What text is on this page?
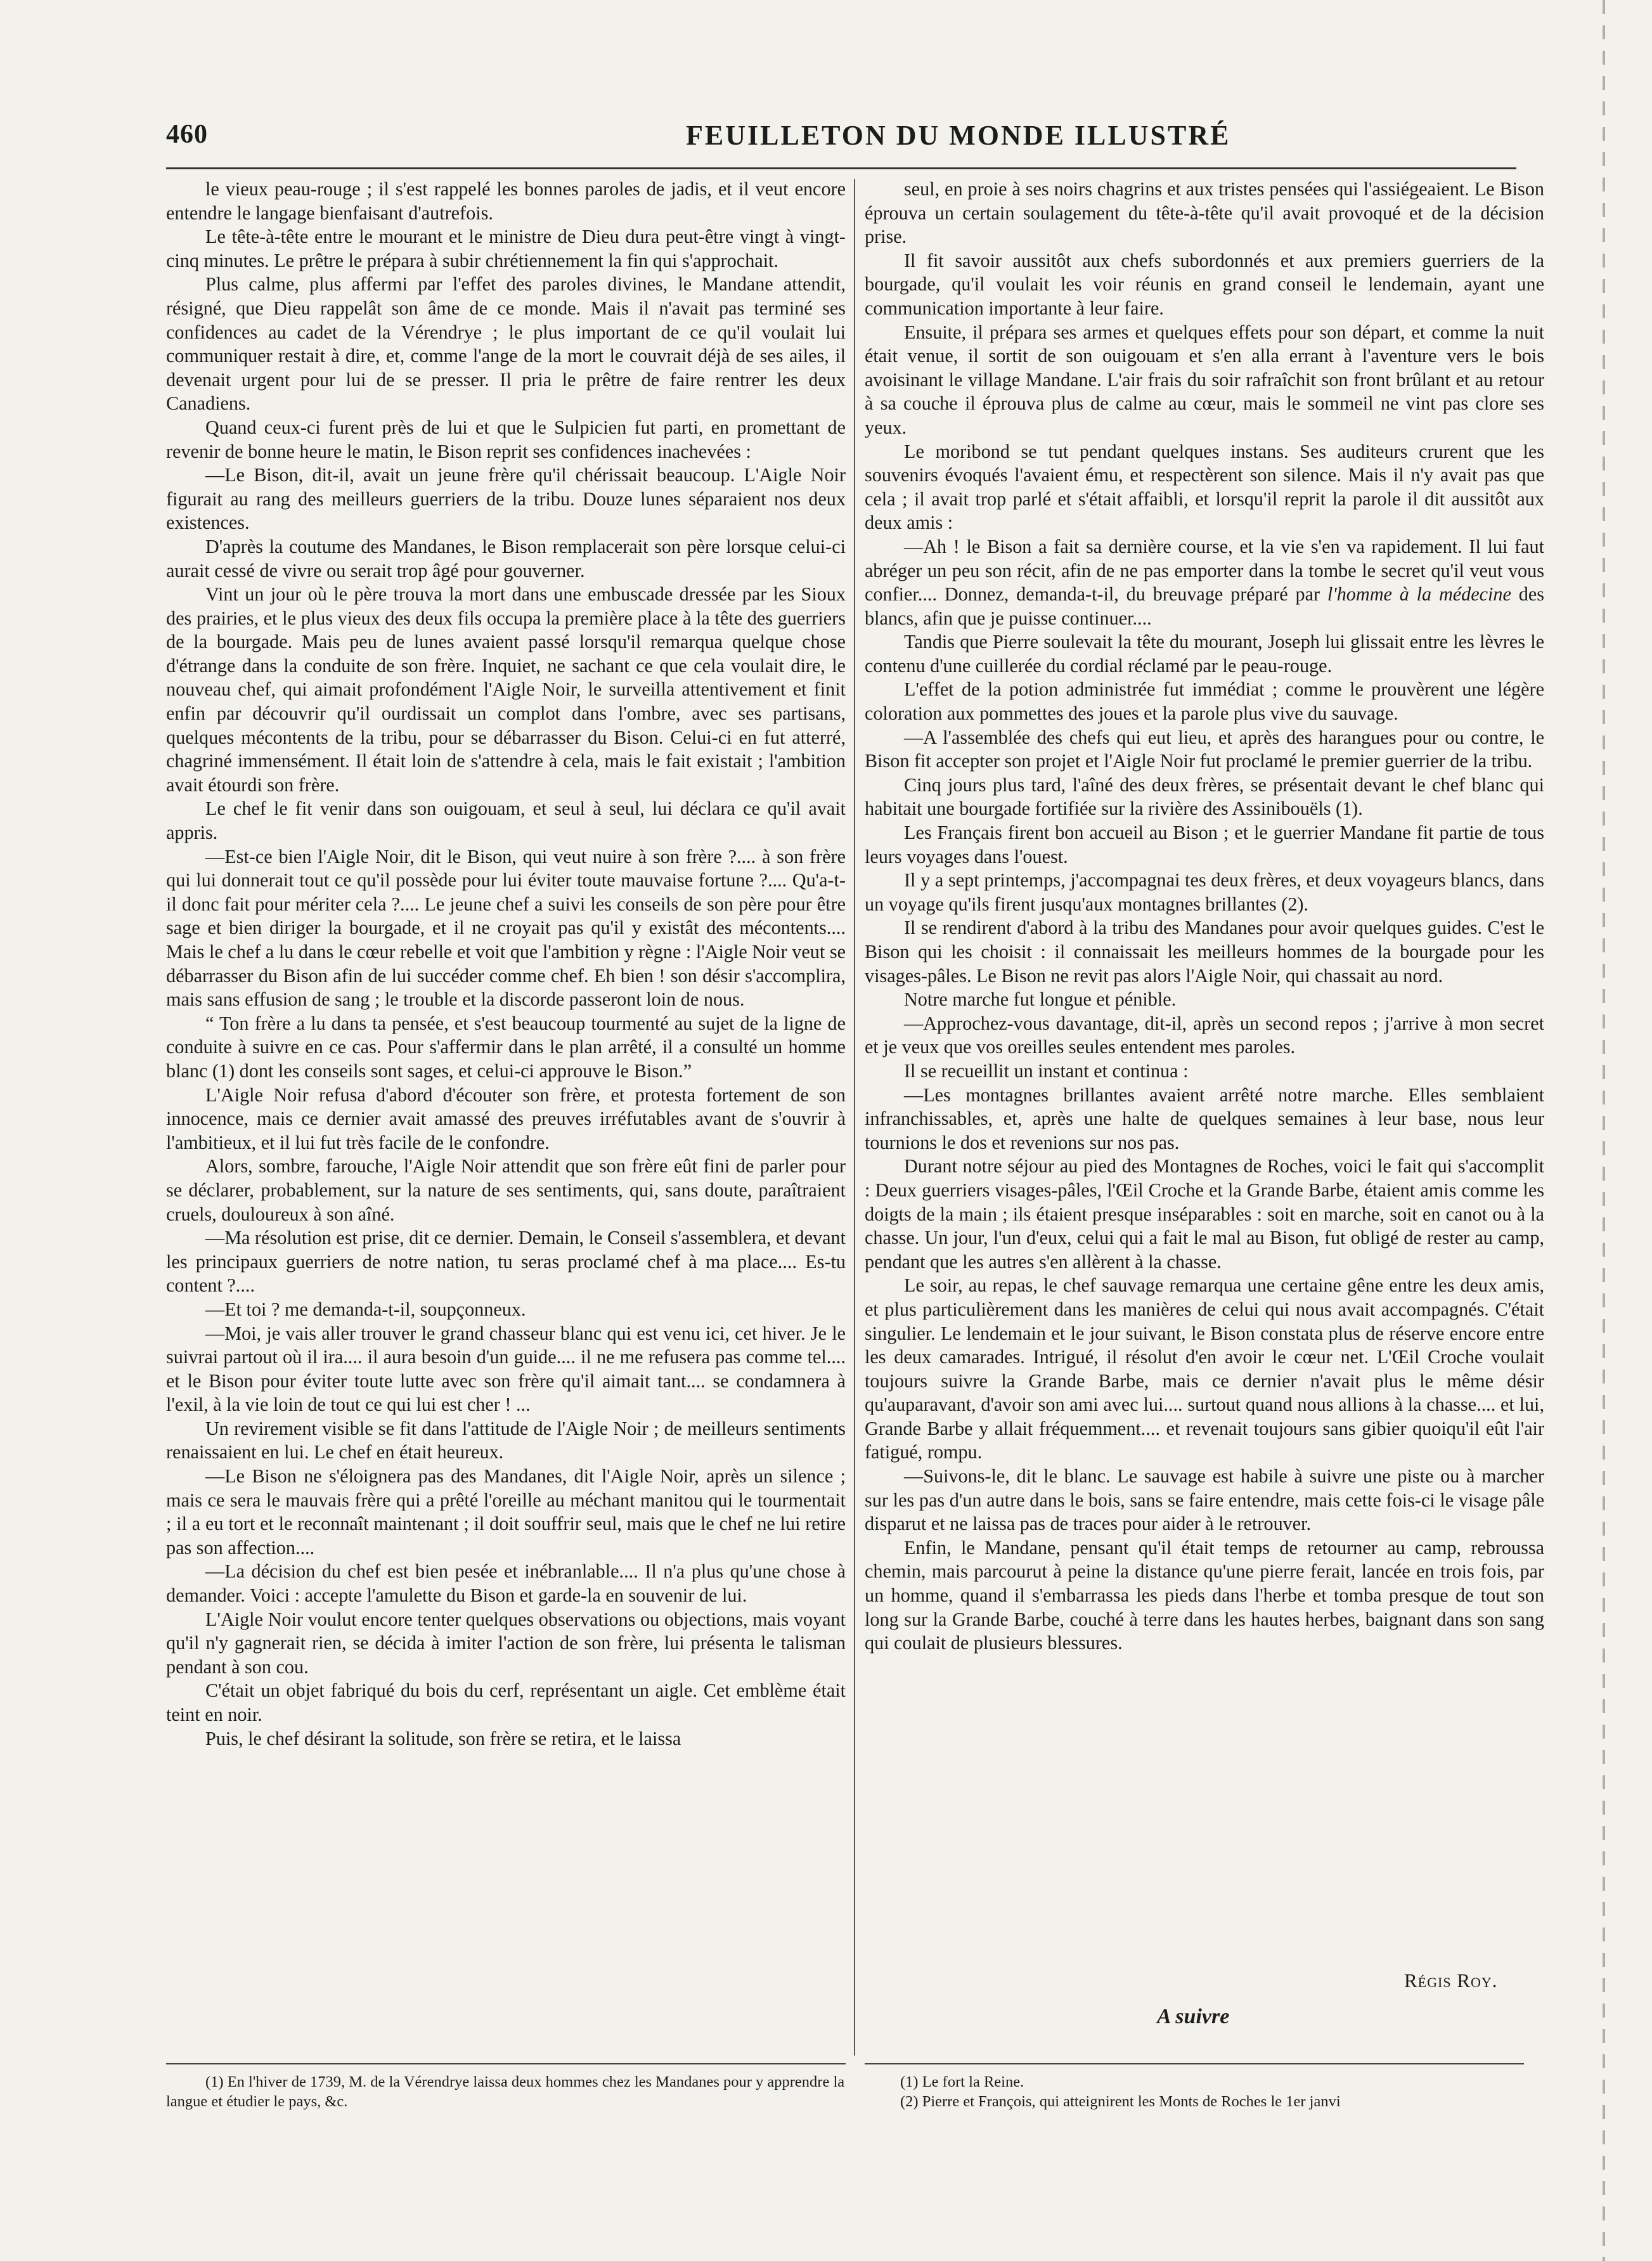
460	FEUILLETON DU MONDE ILLUSTRÉ

le vieux peau-rouge ; il s'est rappelé les bonnes paroles de jadis, et il veut encore entendre le langage bienfaisant d'autrefois.

Le tête-à-tête entre le mourant et le ministre de Dieu dura peut-être vingt à vingt-cinq minutes. Le prêtre le prépara à subir chrétiennement la fin qui s'approchait.

Plus calme, plus affermi par l'effet des paroles divines, le Mandane attendit, résigné, que Dieu rappelât son âme de ce monde. Mais il n'avait pas terminé ses confidences au cadet de la Vérendrye ; le plus important de ce qu'il voulait lui communiquer restait à dire, et, comme l'ange de la mort le couvrait déjà de ses ailes, il devenait urgent pour lui de se presser. Il pria le prêtre de faire rentrer les deux Canadiens.

Quand ceux-ci furent près de lui et que le Sulpicien fut parti, en promettant de revenir de bonne heure le matin, le Bison reprit ses confidences inachevées :

—Le Bison, dit-il, avait un jeune frère qu'il chérissait beaucoup. L'Aigle Noir figurait au rang des meilleurs guerriers de la tribu. Douze lunes séparaient nos deux existences.

D'après la coutume des Mandanes, le Bison remplacerait son père lorsque celui-ci aurait cessé de vivre ou serait trop âgé pour gouverner.

Vint un jour où le père trouva la mort dans une embuscade dressée par les Sioux des prairies, et le plus vieux des deux fils occupa la première place à la tête des guerriers de la bourgade. Mais peu de lunes avaient passé lorsqu'il remarqua quelque chose d'étrange dans la conduite de son frère. Inquiet, ne sachant ce que cela voulait dire, le nouveau chef, qui aimait profondément l'Aigle Noir, le surveilla attentivement et finit enfin par découvrir qu'il ourdissait un complot dans l'ombre, avec ses partisans, quelques mécontents de la tribu, pour se débarrasser du Bison. Celui-ci en fut atterré, chagriné immensément. Il était loin de s'attendre à cela, mais le fait existait ; l'ambition avait étourdi son frère.

Le chef le fit venir dans son ouigouam, et seul à seul, lui déclara ce qu'il avait appris.

—Est-ce bien l'Aigle Noir, dit le Bison, qui veut nuire à son frère ?.... à son frère qui lui donnerait tout ce qu'il possède pour lui éviter toute mauvaise fortune ?.... Qu'a-t-il donc fait pour mériter cela ?.... Le jeune chef a suivi les conseils de son père pour être sage et bien diriger la bourgade, et il ne croyait pas qu'il y existât des mécontents.... Mais le chef a lu dans le cœur rebelle et voit que l'ambition y règne : l'Aigle Noir veut se débarrasser du Bison afin de lui succéder comme chef. Eh bien ! son désir s'accomplira, mais sans effusion de sang ; le trouble et la discorde passeront loin de nous.

“ Ton frère a lu dans ta pensée, et s'est beaucoup tourmenté au sujet de la ligne de conduite à suivre en ce cas. Pour s'affermir dans le plan arrêté, il a consulté un homme blanc (1) dont les conseils sont sages, et celui-ci approuve le Bison.”

L'Aigle Noir refusa d'abord d'écouter son frère, et protesta fortement de son innocence, mais ce dernier avait amassé des preuves irréfutables avant de s'ouvrir à l'ambitieux, et il lui fut très facile de le confondre.

Alors, sombre, farouche, l'Aigle Noir attendit que son frère eût fini de parler pour se déclarer, probablement, sur la nature de ses sentiments, qui, sans doute, paraîtraient cruels, douloureux à son aîné.

—Ma résolution est prise, dit ce dernier. Demain, le Conseil s'assemblera, et devant les principaux guerriers de notre nation, tu seras proclamé chef à ma place.... Es-tu content ?....

—Et toi ? me demanda-t-il, soupçonneux.

—Moi, je vais aller trouver le grand chasseur blanc qui est venu ici, cet hiver. Je le suivrai partout où il ira.... il aura besoin d'un guide.... il ne me refusera pas comme tel.... et le Bison pour éviter toute lutte avec son frère qu'il aimait tant.... se condamnera à l'exil, à la vie loin de tout ce qui lui est cher ! ...

Un revirement visible se fit dans l'attitude de l'Aigle Noir ; de meilleurs sentiments renaissaient en lui. Le chef en était heureux.

—Le Bison ne s'éloignera pas des Mandanes, dit l'Aigle Noir, après un silence ; mais ce sera le mauvais frère qui a prêté l'oreille au méchant manitou qui le tourmentait ; il a eu tort et le reconnaît maintenant ; il doit souffrir seul, mais que le chef ne lui retire pas son affection....

—La décision du chef est bien pesée et inébranlable.... Il n'a plus qu'une chose à demander. Voici : accepte l'amulette du Bison et garde-la en souvenir de lui.

L'Aigle Noir voulut encore tenter quelques observations ou objections, mais voyant qu'il n'y gagnerait rien, se décida à imiter l'action de son frère, lui présenta le talisman pendant à son cou.

C'était un objet fabriqué du bois du cerf, représentant un aigle. Cet emblème était teint en noir.

Puis, le chef désirant la solitude, son frère se retira, et le laissa

seul, en proie à ses noirs chagrins et aux tristes pensées qui l'assiégeaient. Le Bison éprouva un certain soulagement du tête-à-tête qu'il avait provoqué et de la décision prise.

Il fit savoir aussitôt aux chefs subordonnés et aux premiers guerriers de la bourgade, qu'il voulait les voir réunis en grand conseil le lendemain, ayant une communication importante à leur faire.

Ensuite, il prépara ses armes et quelques effets pour son départ, et comme la nuit était venue, il sortit de son ouigouam et s'en alla errant à l'aventure vers le bois avoisinant le village Mandane. L'air frais du soir rafraîchit son front brûlant et au retour à sa couche il éprouva plus de calme au cœur, mais le sommeil ne vint pas clore ses yeux.

Le moribond se tut pendant quelques instans. Ses auditeurs crurent que les souvenirs évoqués l'avaient ému, et respectèrent son silence. Mais il n'y avait pas que cela ; il avait trop parlé et s'était affaibli, et lorsqu'il reprit la parole il dit aussitôt aux deux amis :

—Ah ! le Bison a fait sa dernière course, et la vie s'en va rapidement. Il lui faut abréger un peu son récit, afin de ne pas emporter dans la tombe le secret qu'il veut vous confier.... Donnez, demanda-t-il, du breuvage préparé par l'homme à la médecine des blancs, afin que je puisse continuer....

Tandis que Pierre soulevait la tête du mourant, Joseph lui glissait entre les lèvres le contenu d'une cuillerée du cordial réclamé par le peau-rouge.

L'effet de la potion administrée fut immédiat ; comme le prouvèrent une légère coloration aux pommettes des joues et la parole plus vive du sauvage.

—A l'assemblée des chefs qui eut lieu, et après des harangues pour ou contre, le Bison fit accepter son projet et l'Aigle Noir fut proclamé le premier guerrier de la tribu.

Cinq jours plus tard, l'aîné des deux frères, se présentait devant le chef blanc qui habitait une bourgade fortifiée sur la rivière des Assinibouëls (1).

Les Français firent bon accueil au Bison ; et le guerrier Mandane fit partie de tous leurs voyages dans l'ouest.

Il y a sept printemps, j'accompagnai tes deux frères, et deux voyageurs blancs, dans un voyage qu'ils firent jusqu'aux montagnes brillantes (2).

Il se rendirent d'abord à la tribu des Mandanes pour avoir quelques guides. C'est le Bison qui les choisit : il connaissait les meilleurs hommes de la bourgade pour les visages-pâles. Le Bison ne revit pas alors l'Aigle Noir, qui chassait au nord.

Notre marche fut longue et pénible.

—Approchez-vous davantage, dit-il, après un second repos ; j'arrive à mon secret et je veux que vos oreilles seules entendent mes paroles.

Il se recueillit un instant et continua :

—Les montagnes brillantes avaient arrêté notre marche. Elles semblaient infranchissables, et, après une halte de quelques semaines à leur base, nous leur tournions le dos et revenions sur nos pas.

Durant notre séjour au pied des Montagnes de Roches, voici le fait qui s'accomplit : Deux guerriers visages-pâles, l'Œil Croche et la Grande Barbe, étaient amis comme les doigts de la main ; ils étaient presque inséparables : soit en marche, soit en canot ou à la chasse. Un jour, l'un d'eux, celui qui a fait le mal au Bison, fut obligé de rester au camp, pendant que les autres s'en allèrent à la chasse.

Le soir, au repas, le chef sauvage remarqua une certaine gêne entre les deux amis, et plus particulièrement dans les manières de celui qui nous avait accompagnés. C'était singulier. Le lendemain et le jour suivant, le Bison constata plus de réserve encore entre les deux camarades. Intrigué, il résolut d'en avoir le cœur net. L'Œil Croche voulait toujours suivre la Grande Barbe, mais ce dernier n'avait plus le même désir qu'auparavant, d'avoir son ami avec lui.... surtout quand nous allions à la chasse.... et lui, Grande Barbe y allait fréquemment.... et revenait toujours sans gibier quoiqu'il eût l'air fatigué, rompu.

—Suivons-le, dit le blanc. Le sauvage est habile à suivre une piste ou à marcher sur les pas d'un autre dans le bois, sans se faire entendre, mais cette fois-ci le visage pâle disparut et ne laissa pas de traces pour aider à le retrouver.

Enfin, le Mandane, pensant qu'il était temps de retourner au camp, rebroussa chemin, mais parcourut à peine la distance qu'une pierre ferait, lancée en trois fois, par un homme, quand il s'embarrassa les pieds dans l'herbe et tomba presque de tout son long sur la Grande Barbe, couché à terre dans les hautes herbes, baignant dans son sang qui coulait de plusieurs blessures.

Régis Roy.
A suivre

(1) En l'hiver de 1739, M. de la Vérendrye laissa deux hommes chez les Mandanes pour y apprendre la langue et étudier le pays, &c.

(1) Le fort la Reine.

(2) Pierre et François, qui atteignirent les Monts de Roches le 1er janvi
